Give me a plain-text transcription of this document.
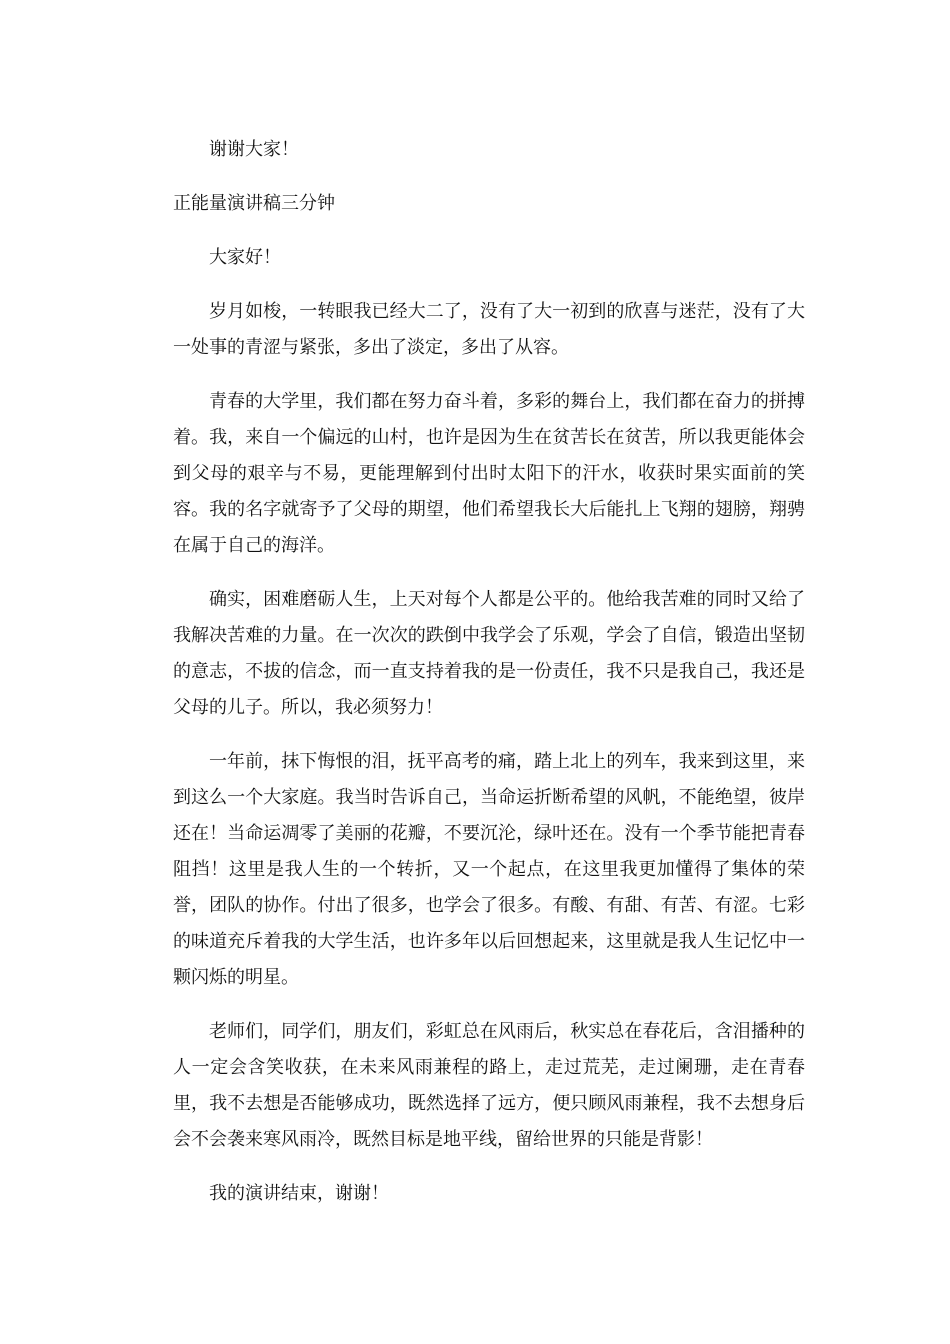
谢谢大家！

正能量演讲稿三分钟

大家好！

岁月如梭，一转眼我已经大二了，没有了大一初到的欣喜与迷茫，没有了大一处事的青涩与紧张，多出了淡定，多出了从容。

青春的大学里，我们都在努力奋斗着，多彩的舞台上，我们都在奋力的拼搏着。我，来自一个偏远的山村，也许是因为生在贫苦长在贫苦，所以我更能体会到父母的艰辛与不易，更能理解到付出时太阳下的汗水，收获时果实面前的笑容。我的名字就寄予了父母的期望，他们希望我长大后能扎上飞翔的翅膀，翔骋在属于自己的海洋。

确实，困难磨砺人生，上天对每个人都是公平的。他给我苦难的同时又给了我解决苦难的力量。在一次次的跌倒中我学会了乐观，学会了自信，锻造出坚韧的意志，不拔的信念，而一直支持着我的是一份责任，我不只是我自己，我还是父母的儿子。所以，我必须努力！

一年前，抹下悔恨的泪，抚平高考的痛，踏上北上的列车，我来到这里，来到这么一个大家庭。我当时告诉自己，当命运折断希望的风帆，不能绝望，彼岸还在！当命运凋零了美丽的花瓣，不要沉沦，绿叶还在。没有一个季节能把青春阻挡！这里是我人生的一个转折，又一个起点，在这里我更加懂得了集体的荣誉，团队的协作。付出了很多，也学会了很多。有酸、有甜、有苦、有涩。七彩的味道充斥着我的大学生活，也许多年以后回想起来，这里就是我人生记忆中一颗闪烁的明星。

老师们，同学们，朋友们，彩虹总在风雨后，秋实总在春花后，含泪播种的人一定会含笑收获，在未来风雨兼程的路上，走过荒芜，走过阑珊，走在青春里，我不去想是否能够成功，既然选择了远方，便只顾风雨兼程，我不去想身后会不会袭来寒风雨冷，既然目标是地平线，留给世界的只能是背影！

我的演讲结束，谢谢！
